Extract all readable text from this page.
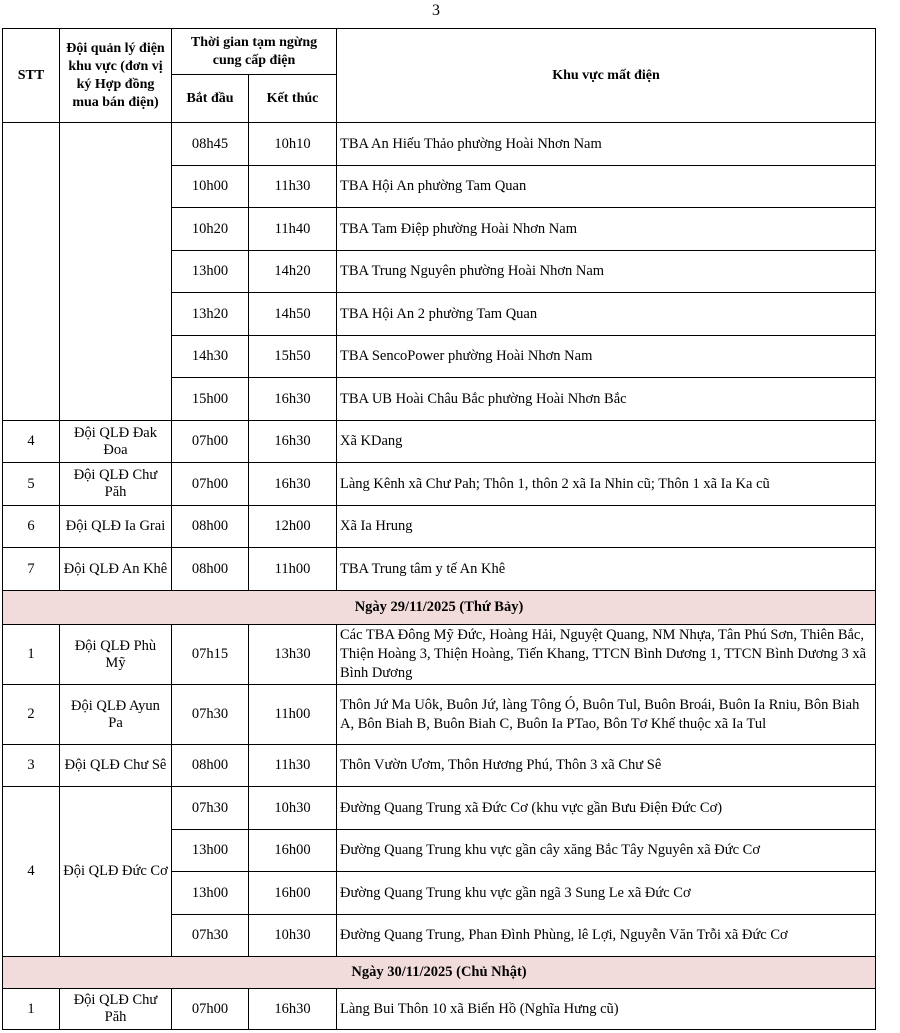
3
STT	Đội quản lý điện khu vực (đơn vị ký Hợp đồng mua bán điện)	Thời gian tạm ngừng cung cấp điện		Khu vực mất điện
		Bắt đầu	Kết thúc	
		08h45	10h10	TBA An Hiếu Thảo phường Hoài Nhơn Nam
		10h00	11h30	TBA Hội An phường Tam Quan
		10h20	11h40	TBA Tam Điệp phường Hoài Nhơn Nam
		13h00	14h20	TBA Trung Nguyên phường Hoài Nhơn Nam
		13h20	14h50	TBA Hội An 2 phường Tam Quan
		14h30	15h50	TBA SencoPower phường Hoài Nhơn Nam
		15h00	16h30	TBA UB Hoài Châu Bắc phường Hoài Nhơn Bắc
4	Đội QLĐ Đak Đoa	07h00	16h30	Xã KDang
5	Đội QLĐ Chư Păh	07h00	16h30	Làng Kênh xã Chư Pah; Thôn 1, thôn 2 xã Ia Nhin cũ; Thôn 1 xã Ia Ka cũ
6	Đội QLĐ Ia Grai	08h00	12h00	Xã Ia Hrung
7	Đội QLĐ An Khê	08h00	11h00	TBA Trung tâm y tế An Khê
Ngày 29/11/2025 (Thứ Bảy)				
1	Đội QLĐ Phù Mỹ	07h15	13h30	Các TBA Đông Mỹ Đức, Hoàng Hải, Nguyệt Quang, NM Nhựa, Tân Phú Sơn, Thiên Bắc, Thiện Hoàng 3, Thiện Hoàng, Tiến Khang, TTCN Bình Dương 1, TTCN Bình Dương 3 xã Bình Dương
2	Đội QLĐ Ayun Pa	07h30	11h00	Thôn Jứ Ma Uôk, Buôn Jứ, làng Tông Ó, Buôn Tul, Buôn Broái, Buôn Ia Rniu, Bôn Biah A, Bôn Biah B, Buôn Biah C, Buôn Ia PTao, Bôn Tơ Khế thuộc xã Ia Tul
3	Đội QLĐ Chư Sê	08h00	11h30	Thôn Vườn Ươm, Thôn Hương Phú, Thôn 3 xã Chư Sê
4	Đội QLĐ Đức Cơ	07h30	10h30	Đường Quang Trung xã Đức Cơ (khu vực gần Bưu Điện Đức Cơ)
		13h00	16h00	Đường Quang Trung khu vực gần cây xăng Bắc Tây Nguyên xã Đức Cơ
		13h00	16h00	Đường Quang Trung khu vực gần ngã 3 Sung Le xã Đức Cơ
		07h30	10h30	Đường Quang Trung, Phan Đình Phùng, lê Lợi, Nguyễn Văn Trỗi xã Đức Cơ
Ngày 30/11/2025 (Chủ Nhật)				
1	Đội QLĐ Chư Păh	07h00	16h30	Làng Bui Thôn 10 xã Biển Hồ (Nghĩa Hưng cũ)
